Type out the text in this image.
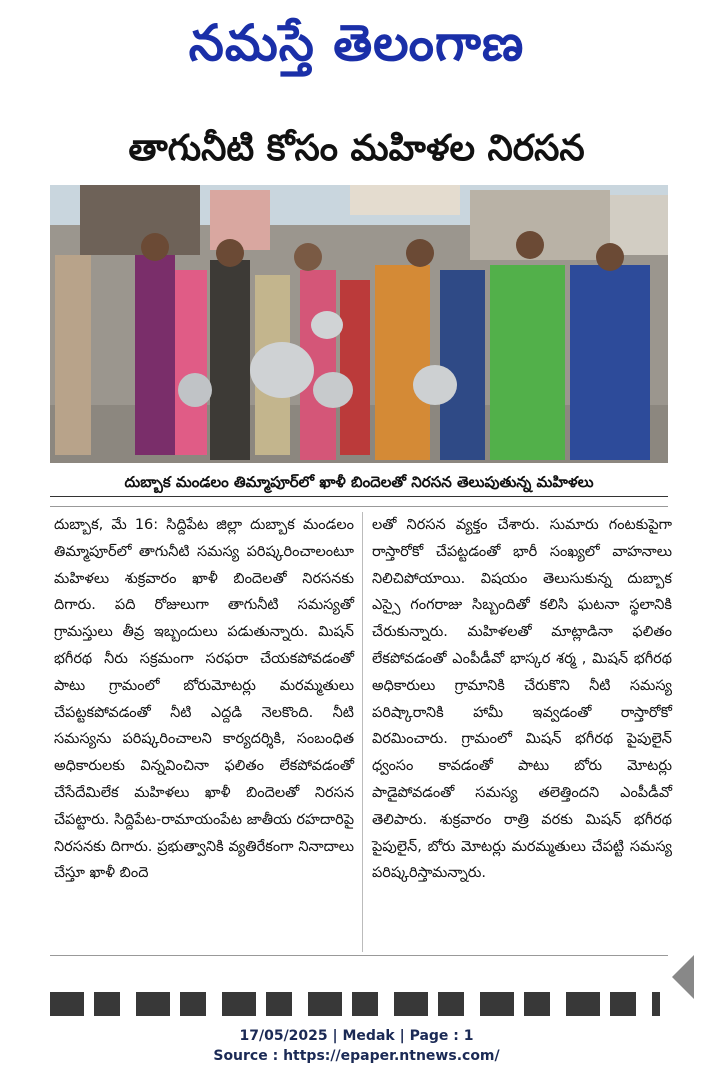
నమస్తే తెలంగాణ
తాగునీటి కోసం మహిళల నిరసన
దుబ్బాక మండలం తిమ్మాపూర్‌లో ఖాళీ బిందెలతో నిరసన తెలుపుతున్న మహిళలు

దుబ్బాక, మే 16: సిద్దిపేట జిల్లా దుబ్బాక మండలం తిమ్మాపూర్‌లో తాగునీటి సమస్య పరిష్కరించాలంటూ మహిళలు శుక్రవారం ఖాళీ బిందెలతో నిరసనకు దిగారు. పది రోజులుగా తాగునీటి సమస్యతో గ్రామస్తులు తీవ్ర ఇబ్బందులు పడుతున్నారు. మిషన్ భగీరథ నీరు సక్రమంగా సరఫరా చేయకపోవడంతో పాటు గ్రామంలో బోరుమోటర్లు మరమ్మతులు చేపట్టకపోవడంతో నీటి ఎద్దడి నెలకొంది. నీటి సమస్యను పరిష్కరించాలని కార్యదర్శికి, సంబంధిత అధికారులకు విన్నవించినా ఫలితం లేకపోవడంతో చేసేదేమిలేక మహిళలు ఖాళీ బిందెలతో నిరసన చేపట్టారు. సిద్దిపేట-రామాయంపేట జాతీయ రహదారిపై నిరసనకు దిగారు. ప్రభుత్వానికి వ్యతిరేకంగా నినాదాలు చేస్తూ ఖాళీ బిందె

లతో నిరసన వ్యక్తం చేశారు. సుమారు గంటకుపైగా రాస్తారోకో చేపట్టడంతో భారీ సంఖ్యలో వాహనాలు నిలిచిపోయాయి. విషయం తెలుసుకున్న దుబ్బాక ఎస్సై గంగరాజు సిబ్బందితో కలిసి ఘటనా స్థలానికి చేరుకున్నారు. మహిళలతో మాట్లాడినా ఫలితం లేకపోవడంతో ఎంపీడీవో భాస్కర శర్మ , మిషన్ భగీరథ అధికారులు గ్రామానికి చేరుకొని నీటి సమస్య పరిష్కారానికి హామీ ఇవ్వడంతో రాస్తారోకో విరమించారు. గ్రామంలో మిషన్ భగీరథ పైపులైన్ ధ్వంసం కావడంతో పాటు బోరు మోటర్లు పాడైపోవడంతో సమస్య తలెత్తిందని ఎంపీడీవో తెలిపారు. శుక్రవారం రాత్రి వరకు మిషన్ భగీరథ పైపులైన్, బోరు మోటర్లు మరమ్మతులు చేపట్టి సమస్య పరిష్కరిస్తామన్నారు.

17/05/2025 | Medak | Page : 1
Source : https://epaper.ntnews.com/
